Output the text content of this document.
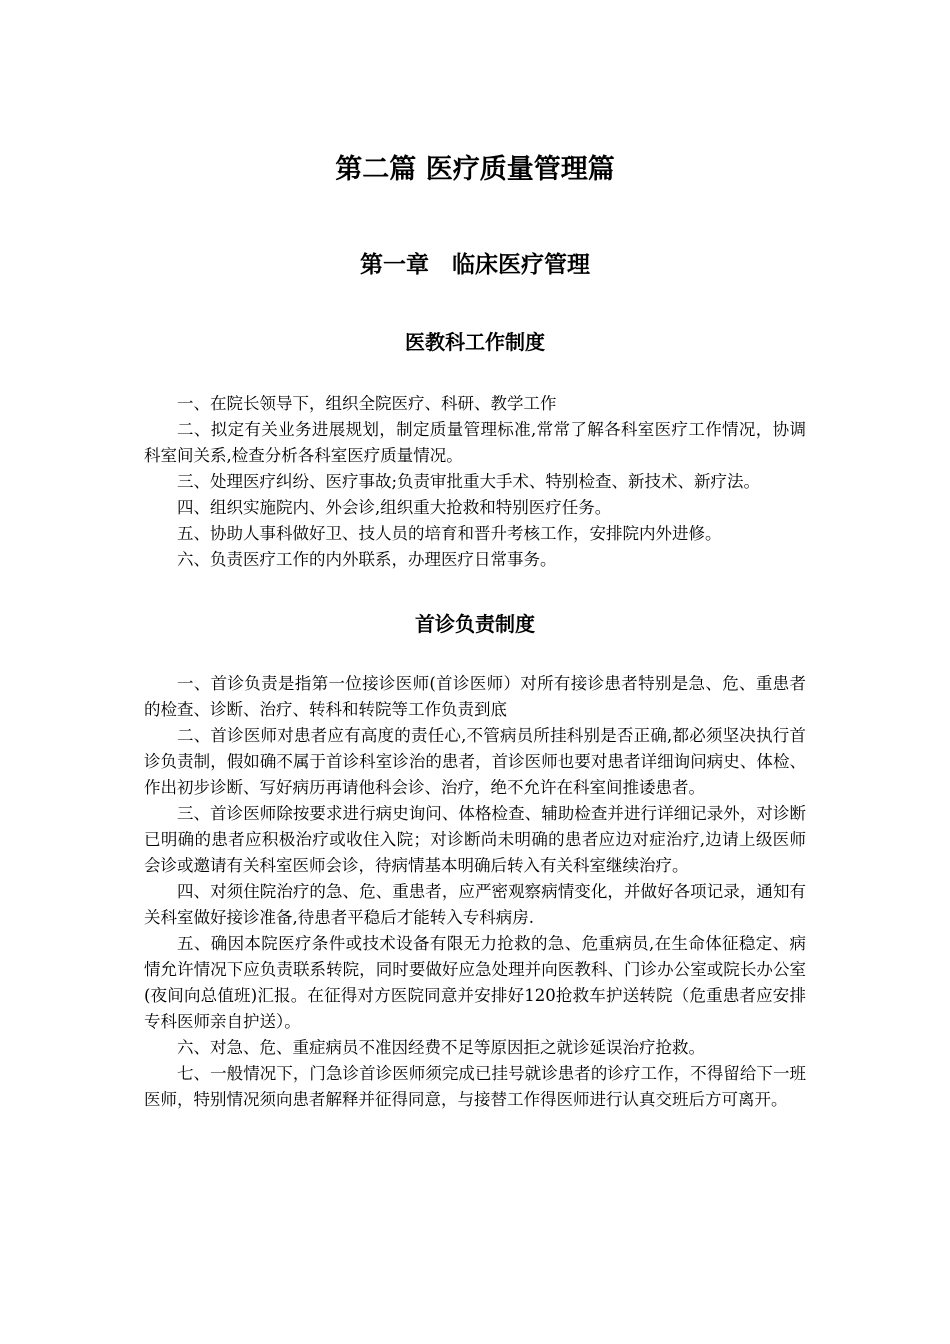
第二篇 医疗质量管理篇
第一章　临床医疗管理
医教科工作制度

一、在院长领导下，组织全院医疗、科研、教学工作

二、拟定有关业务进展规划，制定质量管理标准,常常了解各科室医疗工作情况，协调科室间关系,检查分析各科室医疗质量情况。

三、处理医疗纠纷、医疗事故;负责审批重大手术、特别检查、新技术、新疗法。

四、组织实施院内、外会诊,组织重大抢救和特别医疗任务。

五、协助人事科做好卫、技人员的培育和晋升考核工作，安排院内外进修。

六、负责医疗工作的内外联系，办理医疗日常事务。

首诊负责制度

一、首诊负责是指第一位接诊医师(首诊医师）对所有接诊患者特别是急、危、重患者的检查、诊断、治疗、转科和转院等工作负责到底

二、首诊医师对患者应有高度的责任心,不管病员所挂科别是否正确,都必须坚决执行首诊负责制，假如确不属于首诊科室诊治的患者，首诊医师也要对患者详细询问病史、体检、作出初步诊断、写好病历再请他科会诊、治疗，绝不允许在科室间推诿患者。

三、首诊医师除按要求进行病史询问、体格检查、辅助检查并进行详细记录外，对诊断已明确的患者应积极治疗或收住入院；对诊断尚未明确的患者应边对症治疗,边请上级医师会诊或邀请有关科室医师会诊，待病情基本明确后转入有关科室继续治疗。

四、对须住院治疗的急、危、重患者，应严密观察病情变化，并做好各项记录，通知有关科室做好接诊准备,待患者平稳后才能转入专科病房.

五、确因本院医疗条件或技术设备有限无力抢救的急、危重病员,在生命体征稳定、病情允许情况下应负责联系转院，同时要做好应急处理并向医教科、门诊办公室或院长办公室(夜间向总值班)汇报。在征得对方医院同意并安排好120抢救车护送转院（危重患者应安排专科医师亲自护送）。

六、对急、危、重症病员不准因经费不足等原因拒之就诊延误治疗抢救。

七、一般情况下，门急诊首诊医师须完成已挂号就诊患者的诊疗工作，不得留给下一班医师，特别情况须向患者解释并征得同意，与接替工作得医师进行认真交班后方可离开。
